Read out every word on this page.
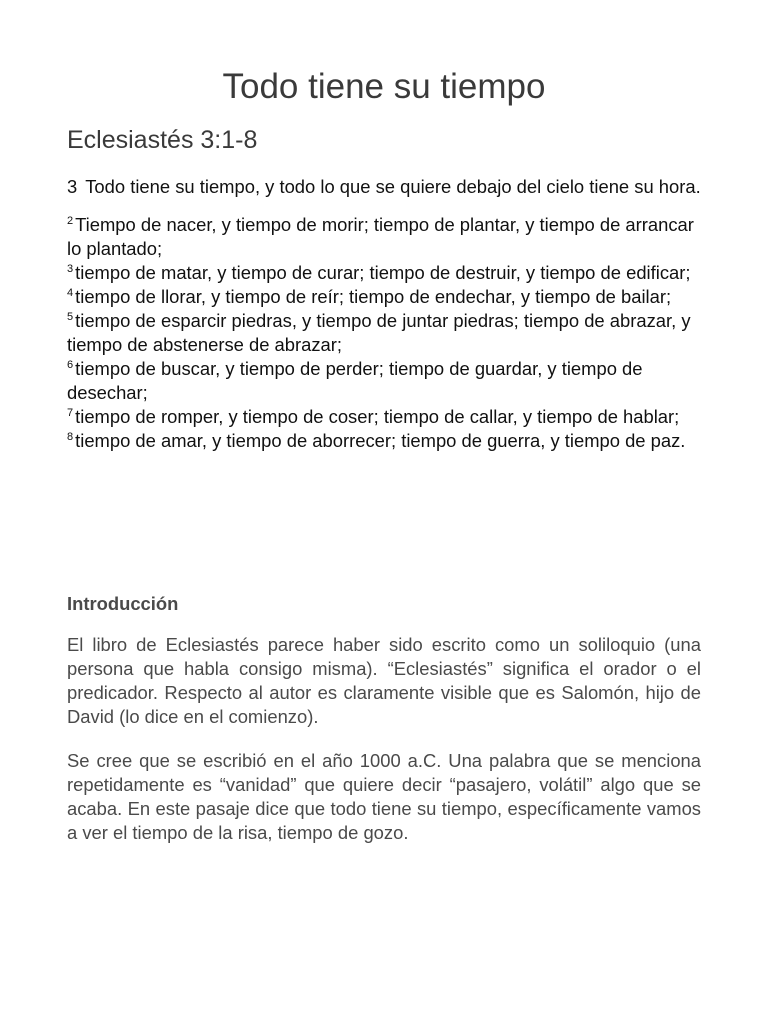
Todo tiene su tiempo
Eclesiastés 3:1-8

3 Todo tiene su tiempo, y todo lo que se quiere debajo del cielo tiene su hora.

$^2$ Tiempo de nacer, y tiempo de morir; tiempo de plantar, y tiempo de arrancar lo plantado;

$^3$ tiempo de matar, y tiempo de curar; tiempo de destruir, y tiempo de edificar;

$^4$ tiempo de llorar, y tiempo de reír; tiempo de endechar, y tiempo de bailar;

$^5$ tiempo de esparcir piedras, y tiempo de juntar piedras; tiempo de abrazar, y tiempo de abstenerse de abrazar;

$^6$ tiempo de buscar, y tiempo de perder; tiempo de guardar, y tiempo de desechar;

$^7$ tiempo de romper, y tiempo de coser; tiempo de callar, y tiempo de hablar;

$^8$ tiempo de amar, y tiempo de aborrecer; tiempo de guerra, y tiempo de paz.

Introducción

El libro de Eclesiastés parece haber sido escrito como un soliloquio (una persona que habla consigo misma). “Eclesiastés” significa el orador o el predicador. Respecto al autor es claramente visible que es Salomón, hijo de David (lo dice en el comienzo).

Se cree que se escribió en el año 1000 a.C. Una palabra que se menciona repetidamente es “vanidad” que quiere decir “pasajero, volátil” algo que se acaba. En este pasaje dice que todo tiene su tiempo, específicamente vamos a ver el tiempo de la risa, tiempo de gozo.
